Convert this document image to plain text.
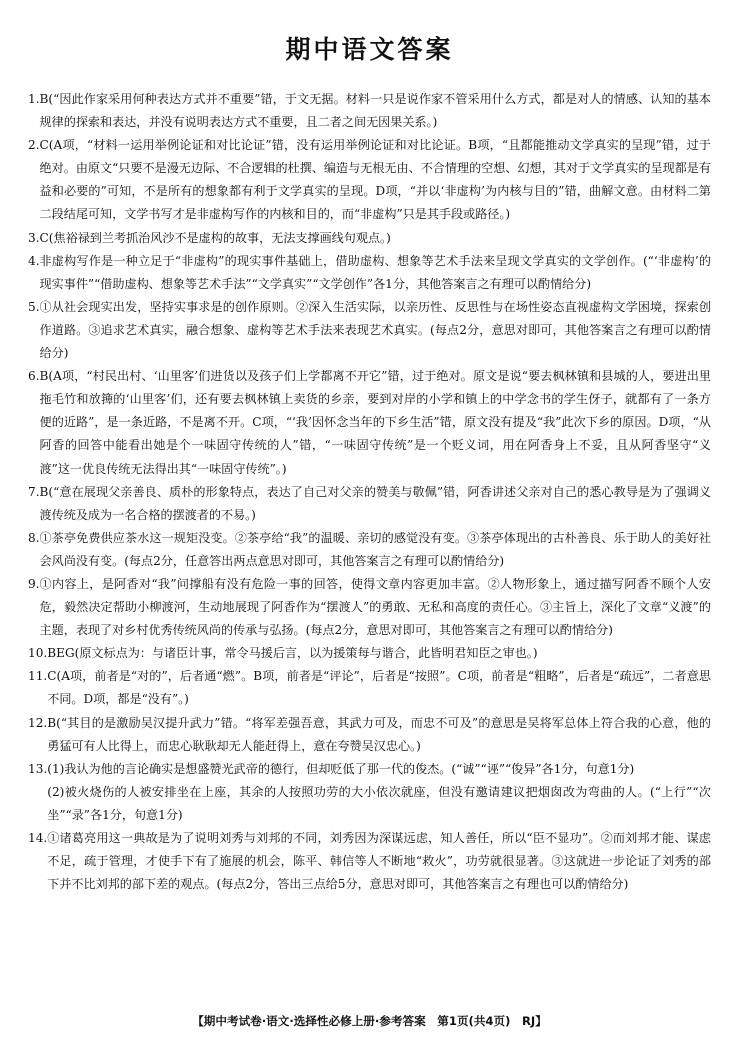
期中语文答案
1. B(“因此作家采用何种表达方式并不重要”错，于文无据。材料一只是说作家不管采用什么方式，都是对人的情感、认知的基本规律的探索和表达，并没有说明表达方式不重要，且二者之间无因果关系。)
2. C(A项，“材料一运用举例论证和对比论证”错，没有运用举例论证和对比论证。B项，“且都能推动文学真实的呈现”错，过于绝对。由原文“只要不是漫无边际、不合逻辑的杜撰、编造与无根无由、不合情理的空想、幻想，其对于文学真实的呈现都是有益和必要的”可知，不是所有的想象都有利于文学真实的呈现。D项，“并以‘非虚构’为内核与目的”错，曲解文意。由材料二第二段结尾可知，文学书写才是非虚构写作的内核和目的，而“非虚构”只是其手段或路径。)
3. C(焦裕禄到兰考抓治风沙不是虚构的故事，无法支撑画线句观点。)
4. 非虚构写作是一种立足于“非虚构”的现实事件基础上，借助虚构、想象等艺术手法来呈现文学真实的文学创作。(“‘非虚构’的现实事件”“借助虚构、想象等艺术手法”“文学真实”“文学创作”各1分，其他答案言之有理可以酌情给分)
5. ①从社会现实出发，坚持实事求是的创作原则。②深入生活实际，以亲历性、反思性与在场性姿态直视虚构文学困境，探索创作道路。③追求艺术真实，融合想象、虚构等艺术手法来表现艺术真实。(每点2分，意思对即可，其他答案言之有理可以酌情给分)
6. B(A项，“村民出村、‘山里客’们进货以及孩子们上学都离不开它”错，过于绝对。原文是说“要去枫林镇和县城的人，要进出里拖毛竹和放篺的‘山里客’们，还有要去枫林镇上卖货的乡亲，要到对岸的小学和镇上的中学念书的学生伢子，就都有了一条方便的近路”，是一条近路，不是离不开。C项，“‘我’因怀念当年的下乡生活”错，原文没有提及“我”此次下乡的原因。D项，“从阿香的回答中能看出她是个一味固守传统的人”错，“一味固守传统”是一个贬义词，用在阿香身上不妥，且从阿香坚守“义渡”这一优良传统无法得出其“一味固守传统”。)
7. B(“意在展现父亲善良、质朴的形象特点，表达了自己对父亲的赞美与敬佩”错，阿香讲述父亲对自己的悉心教导是为了强调义渡传统及成为一名合格的摆渡者的不易。)
8. ①茶亭免费供应茶水这一规矩没变。②茶亭给“我”的温暖、亲切的感觉没有变。③茶亭体现出的古朴善良、乐于助人的美好社会风尚没有变。(每点2分，任意答出两点意思对即可，其他答案言之有理可以酌情给分)
9. ①内容上，是阿香对“我”问撑船有没有危险一事的回答，使得文章内容更加丰富。②人物形象上，通过描写阿香不顾个人安危，毅然决定帮助小柳渡河，生动地展现了阿香作为“摆渡人”的勇敢、无私和高度的责任心。③主旨上，深化了文章“义渡”的主题，表现了对乡村优秀传统风尚的传承与弘扬。(每点2分，意思对即可，其他答案言之有理可以酌情给分)
10. BEG(原文标点为：与诸臣计事，常令马援后言，以为援策每与谐合，此皆明君知臣之审也。)
11. C(A项，前者是“对的”，后者通“燃”。B项，前者是“评论”，后者是“按照”。C项，前者是“粗略”，后者是“疏远”，二者意思不同。D项，都是“没有”。)
12. B(“其目的是激励吴汉提升武力”错。“将军差强吾意，其武力可及，而忠不可及”的意思是吴将军总体上符合我的心意，他的勇猛可有人比得上，而忠心耿耿却无人能赶得上，意在夸赞吴汉忠心。)
13. (1)我认为他的言论确实是想盛赞光武帝的德行，但却贬低了那一代的俊杰。(“诚”“诬”“俊异”各1分，句意1分)
(2)被火烧伤的人被安排坐在上座，其余的人按照功劳的大小依次就座，但没有邀请建议把烟囱改为弯曲的人。(“上行”“次坐”“录”各1分，句意1分)
14. ①诸葛亮用这一典故是为了说明刘秀与刘邦的不同，刘秀因为深谋远虑，知人善任，所以“臣不显功”。②而刘邦才能、谋虑不足，疏于管理，才使手下有了施展的机会，陈平、韩信等人不断地“救火”，功劳就很显著。③这就进一步论证了刘秀的部下并不比刘邦的部下差的观点。(每点2分，答出三点给5分，意思对即可，其他答案言之有理也可以酌情给分)
【期中考试卷·语文·选择性必修上册·参考答案　第1页(共4页)　RJ】
